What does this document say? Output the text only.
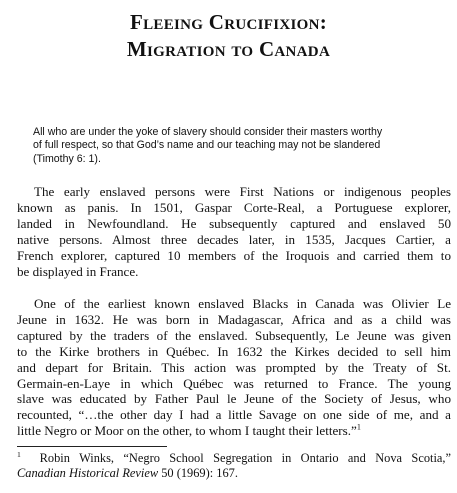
Fleeing Crucifixion:
Migration to Canada
All who are under the yoke of slavery should consider their masters worthy
of full respect, so that God’s name and our teaching may not be slandered
(Timothy 6: 1).
The early enslaved persons were First Nations or indigenous peoples
known as panis. In 1501, Gaspar Corte-Real, a Portuguese explorer,
landed in Newfoundland. He subsequently captured and enslaved 50
native persons. Almost three decades later, in 1535, Jacques Cartier, a
French explorer, captured 10 members of the Iroquois and carried them to
be displayed in France.
One of the earliest known enslaved Blacks in Canada was Olivier Le
Jeune in 1632. He was born in Madagascar, Africa and as a child was
captured by the traders of the enslaved. Subsequently, Le Jeune was given
to the Kirke brothers in Québec. In 1632 the Kirkes decided to sell him
and depart for Britain. This action was prompted by the Treaty of St.
Germain-en-Laye in which Québec was returned to France. The young
slave was educated by Father Paul le Jeune of the Society of Jesus, who
recounted, “…the other day I had a little Savage on one side of me, and a
little Negro or Moor on the other, to whom I taught their letters.”$^1$
$^1$ Robin Winks, “Negro School Segregation in Ontario and Nova Scotia,”
Canadian Historical Review 50 (1969): 167.
